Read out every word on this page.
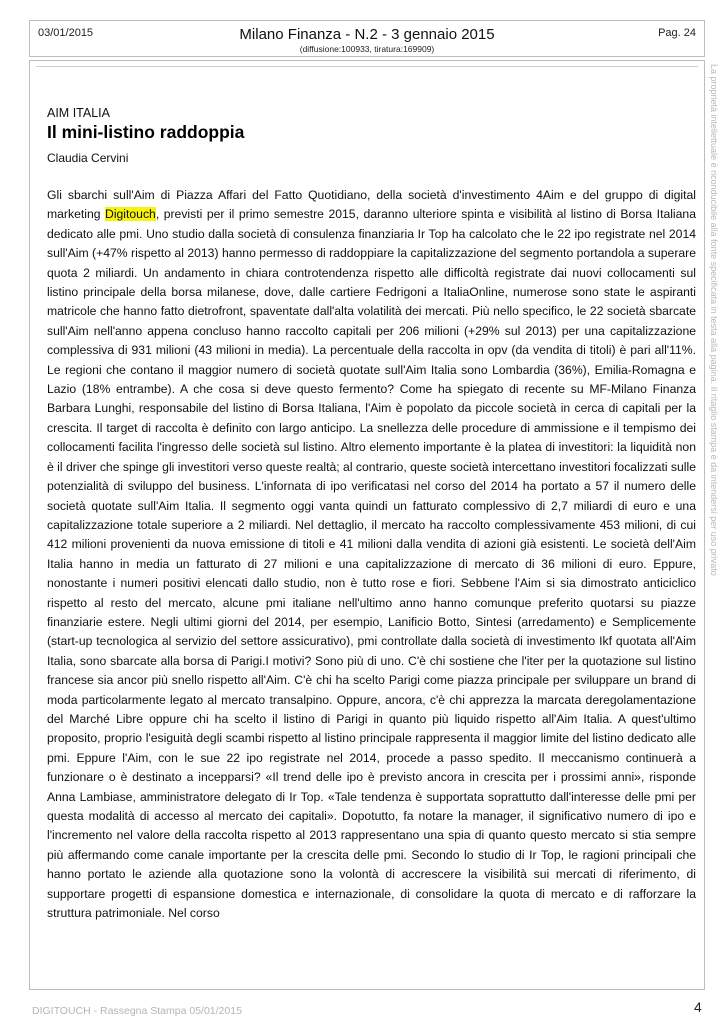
03/01/2015	Milano Finanza - N.2 - 3 gennaio 2015
(diffusione:100933, tiratura:169909)
Pag. 24
La proprietà intellettuale è riconducibile alla fonte specificata in testa alla pagina. Il ritaglio stampa è da intendersi per uso privato
AIM ITALIA
Il mini-listino raddoppia
Claudia Cervini
Gli sbarchi sull'Aim di Piazza Affari del Fatto Quotidiano, della società d'investimento 4Aim e del gruppo di digital marketing Digitouch, previsti per il primo semestre 2015, daranno ulteriore spinta e visibilità al listino di Borsa Italiana dedicato alle pmi. Uno studio dalla società di consulenza finanziaria Ir Top ha calcolato che le 22 ipo registrate nel 2014 sull'Aim (+47% rispetto al 2013) hanno permesso di raddoppiare la capitalizzazione del segmento portandola a superare quota 2 miliardi. Un andamento in chiara controtendenza rispetto alle difficoltà registrate dai nuovi collocamenti sul listino principale della borsa milanese, dove, dalle cartiere Fedrigoni a ItaliaOnline, numerose sono state le aspiranti matricole che hanno fatto dietrofront, spaventate dall'alta volatilità dei mercati. Più nello specifico, le 22 società sbarcate sull'Aim nell'anno appena concluso hanno raccolto capitali per 206 milioni (+29% sul 2013) per una capitalizzazione complessiva di 931 milioni (43 milioni in media). La percentuale della raccolta in opv (da vendita di titoli) è pari all'11%. Le regioni che contano il maggior numero di società quotate sull'Aim Italia sono Lombardia (36%), Emilia-Romagna e Lazio (18% entrambe). A che cosa si deve questo fermento? Come ha spiegato di recente su MF-Milano Finanza Barbara Lunghi, responsabile del listino di Borsa Italiana, l'Aim è popolato da piccole società in cerca di capitali per la crescita. Il target di raccolta è definito con largo anticipo. La snellezza delle procedure di ammissione e il tempismo dei collocamenti facilita l'ingresso delle società sul listino. Altro elemento importante è la platea di investitori: la liquidità non è il driver che spinge gli investitori verso queste realtà; al contrario, queste società intercettano investitori focalizzati sulle potenzialità di sviluppo del business. L'infornata di ipo verificatasi nel corso del 2014 ha portato a 57 il numero delle società quotate sull'Aim Italia. Il segmento oggi vanta quindi un fatturato complessivo di 2,7 miliardi di euro e una capitalizzazione totale superiore a 2 miliardi. Nel dettaglio, il mercato ha raccolto complessivamente 453 milioni, di cui 412 milioni provenienti da nuova emissione di titoli e 41 milioni dalla vendita di azioni già esistenti. Le società dell'Aim Italia hanno in media un fatturato di 27 milioni e una capitalizzazione di mercato di 36 milioni di euro. Eppure, nonostante i numeri positivi elencati dallo studio, non è tutto rose e fiori. Sebbene l'Aim si sia dimostrato anticiclico rispetto al resto del mercato, alcune pmi italiane nell'ultimo anno hanno comunque preferito quotarsi su piazze finanziarie estere. Negli ultimi giorni del 2014, per esempio, Lanificio Botto, Sintesi (arredamento) e Semplicemente (start-up tecnologica al servizio del settore assicurativo), pmi controllate dalla società di investimento Ikf quotata all'Aim Italia, sono sbarcate alla borsa di Parigi.I motivi? Sono più di uno. C'è chi sostiene che l'iter per la quotazione sul listino francese sia ancor più snello rispetto all'Aim. C'è chi ha scelto Parigi come piazza principale per sviluppare un brand di moda particolarmente legato al mercato transalpino. Oppure, ancora, c'è chi apprezza la marcata deregolamentazione del Marché Libre oppure chi ha scelto il listino di Parigi in quanto più liquido rispetto all'Aim Italia. A quest'ultimo proposito, proprio l'esiguità degli scambi rispetto al listino principale rappresenta il maggior limite del listino dedicato alle pmi. Eppure l'Aim, con le sue 22 ipo registrate nel 2014, procede a passo spedito. Il meccanismo continuerà a funzionare o è destinato a incepparsi? «Il trend delle ipo è previsto ancora in crescita per i prossimi anni», risponde Anna Lambiase, amministratore delegato di Ir Top. «Tale tendenza è supportata soprattutto dall'interesse delle pmi per questa modalità di accesso al mercato dei capitali». Dopotutto, fa notare la manager, il significativo numero di ipo e l'incremento nel valore della raccolta rispetto al 2013 rappresentano una spia di quanto questo mercato si stia sempre più affermando come canale importante per la crescita delle pmi. Secondo lo studio di Ir Top, le ragioni principali che hanno portato le aziende alla quotazione sono la volontà di accrescere la visibilità sui mercati di riferimento, di supportare progetti di espansione domestica e internazionale, di consolidare la quota di mercato e di rafforzare la struttura patrimoniale. Nel corso
DIGITOUCH - Rassegna Stampa 05/01/2015	4
